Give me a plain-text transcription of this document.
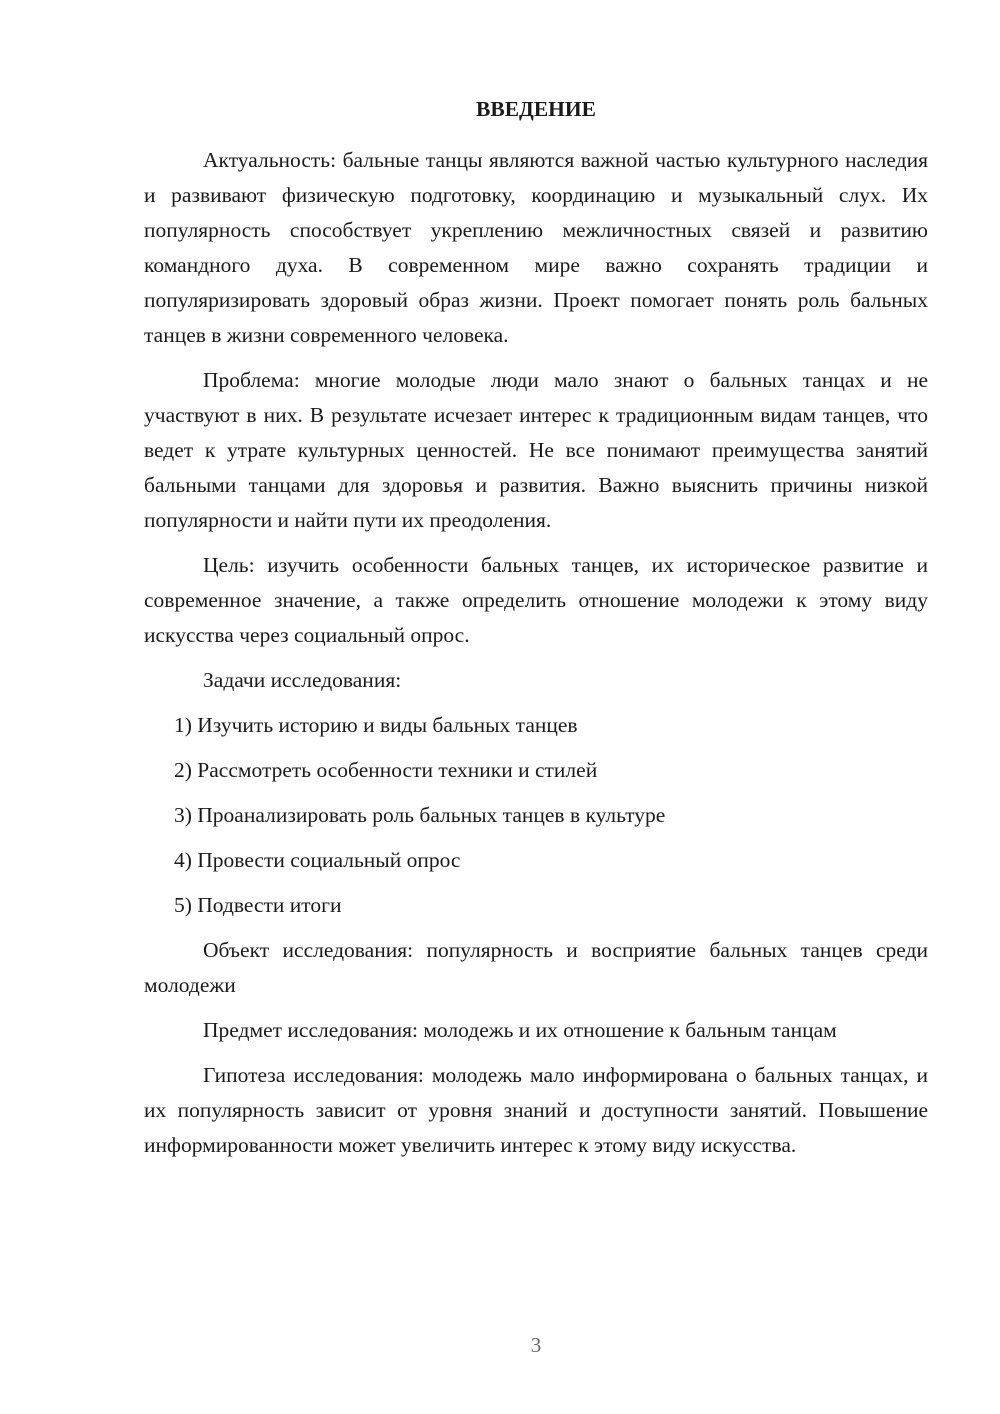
ВВЕДЕНИЕ

Актуальность: бальные танцы являются важной частью культурного наследия и развивают физическую подготовку, координацию и музыкальный слух. Их популярность способствует укреплению межличностных связей и развитию командного духа. В современном мире важно сохранять традиции и популяризировать здоровый образ жизни. Проект помогает понять роль бальных танцев в жизни современного человека.

Проблема: многие молодые люди мало знают о бальных танцах и не участвуют в них. В результате исчезает интерес к традиционным видам танцев, что ведет к утрате культурных ценностей. Не все понимают преимущества занятий бальными танцами для здоровья и развития. Важно выяснить причины низкой популярности и найти пути их преодоления.

Цель: изучить особенности бальных танцев, их историческое развитие и современное значение, а также определить отношение молодежи к этому виду искусства через социальный опрос.

Задачи исследования:

1) Изучить историю и виды бальных танцев
2) Рассмотреть особенности техники и стилей
3) Проанализировать роль бальных танцев в культуре
4) Провести социальный опрос
5) Подвести итоги

Объект исследования: популярность и восприятие бальных танцев среди молодежи

Предмет исследования: молодежь и их отношение к бальным танцам

Гипотеза исследования: молодежь мало информирована о бальных танцах, и их популярность зависит от уровня знаний и доступности занятий. Повышение информированности может увеличить интерес к этому виду искусства.

3
